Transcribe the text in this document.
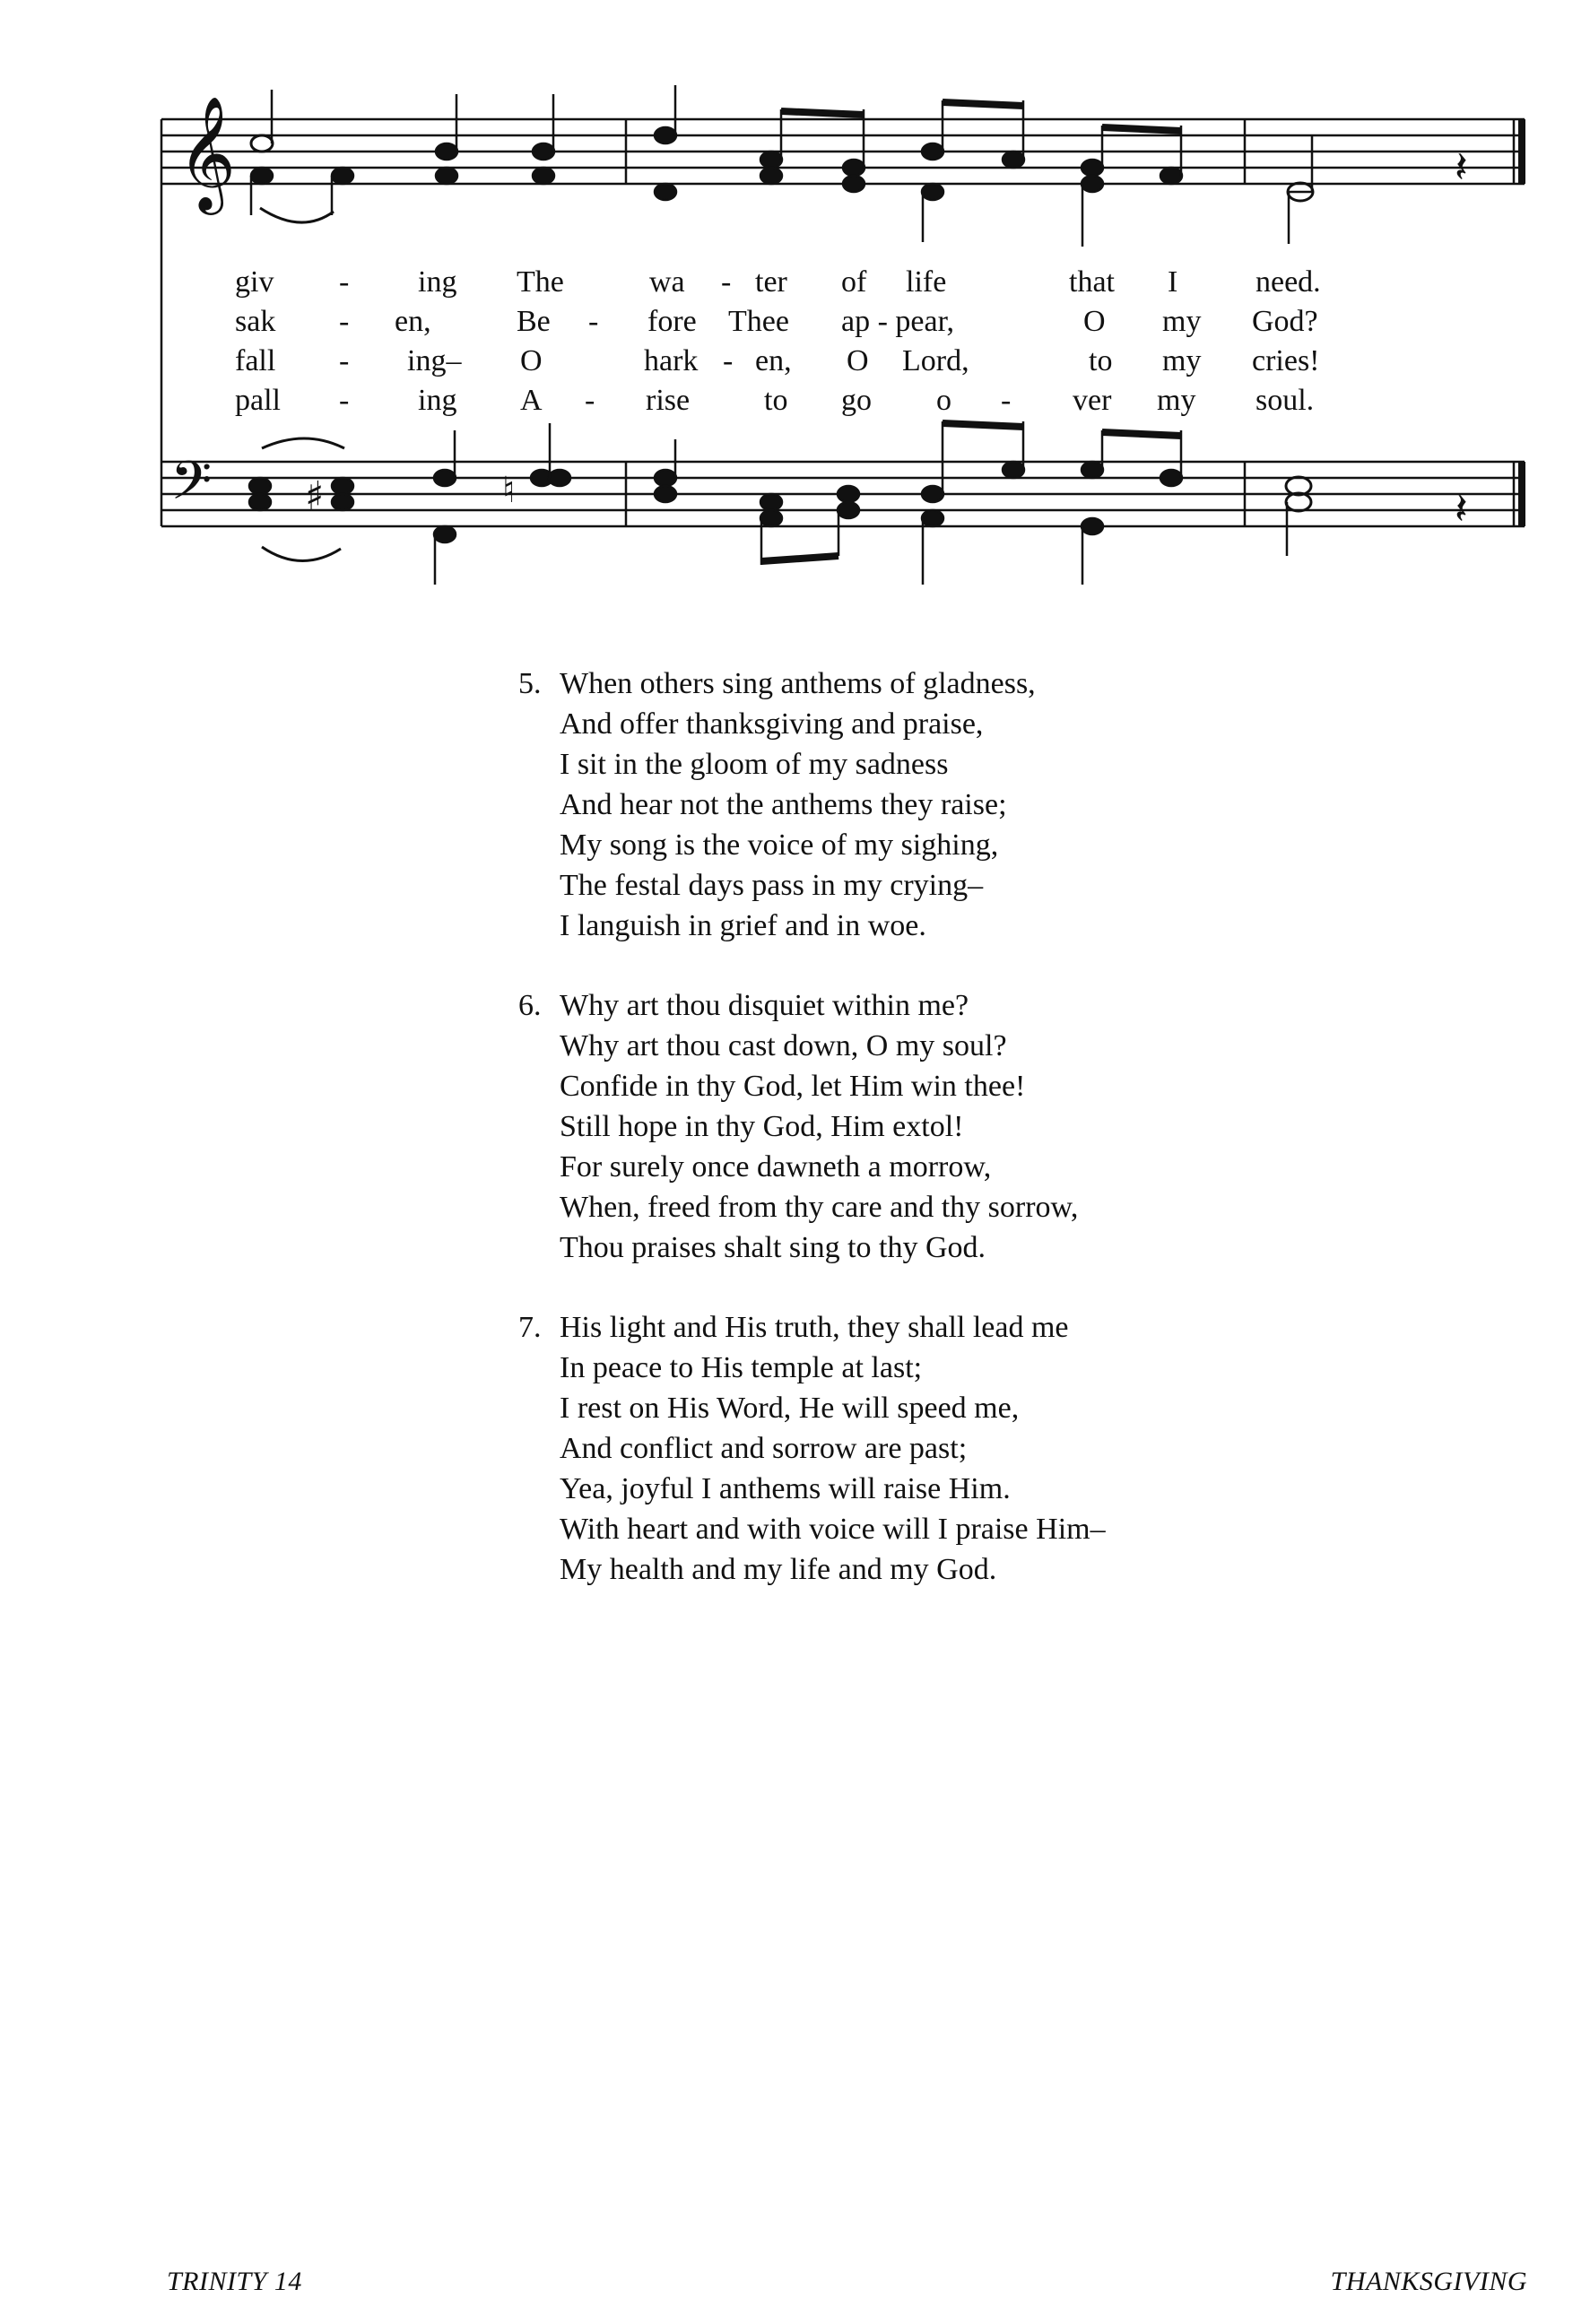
𝄞
𝄢
𝄽
♯	♮	𝄽
giv - ing The	wa - ter of life	that I	need.
sak - en,	Be - fore Thee ap - pear,	O my God?
fall - ing– O	hark - en, O Lord,	to my cries!
pall - ing A - rise to go o - ver my soul.
5. When others sing anthems of gladness,
And offer thanksgiving and praise,
I sit in the gloom of my sadness
And hear not the anthems they raise;
My song is the voice of my sighing,
The festal days pass in my crying–
I languish in grief and in woe.
6. Why art thou disquiet within me?
Why art thou cast down, O my soul?
Confide in thy God, let Him win thee!
Still hope in thy God, Him extol!
For surely once dawneth a morrow,
When, freed from thy care and thy sorrow,
Thou praises shalt sing to thy God.
7. His light and His truth, they shall lead me
In peace to His temple at last;
I rest on His Word, He will speed me,
And conflict and sorrow are past;
Yea, joyful I anthems will raise Him.
With heart and with voice will I praise Him–
My health and my life and my God.
TRINITY 14	THANKSGIVING
